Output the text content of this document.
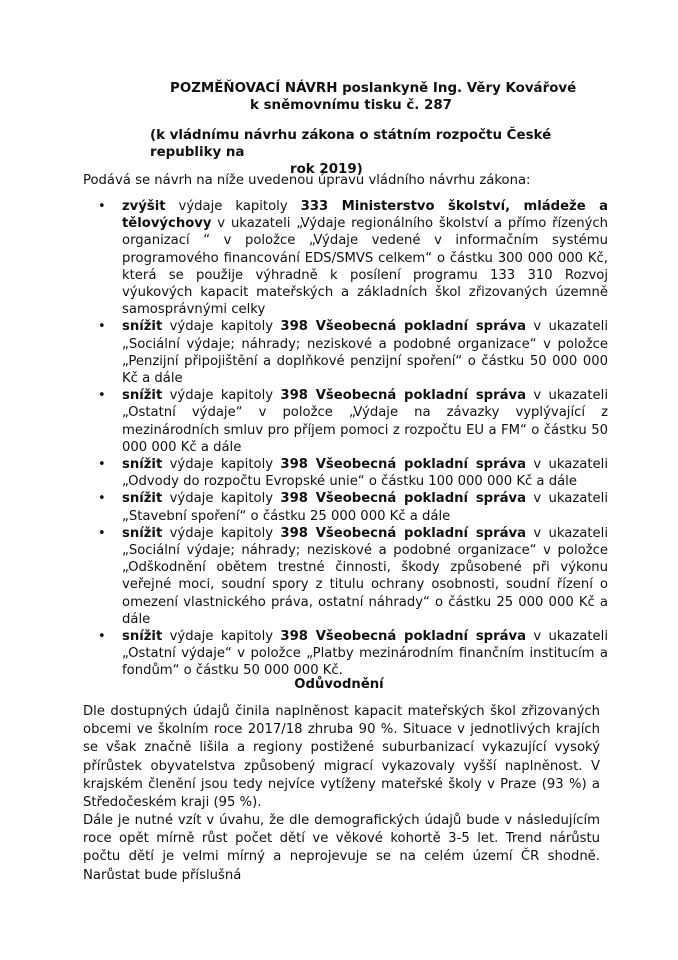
POZMĚŇOVACÍ NÁVRH poslankyně Ing. Věry Kovářové
k sněmovnímu tisku č. 287
(k vládnímu návrhu zákona o státním rozpočtu České republiky na
rok 2019)
Podává se návrh na níže uvedenou úpravu vládního návrhu zákona:
• zvýšit výdaje kapitoly 333 Ministerstvo školství, mládeže a tělovýchovy v ukazateli „Výdaje regionálního školství a přímo řízených organizací “ v položce „Výdaje vedené v informačním systému programového financování EDS/SMVS celkem“ o částku 300 000 000 Kč, která se použije výhradně k posílení programu 133 310 Rozvoj výukových kapacit mateřských a základních škol zřizovaných územně samosprávnými celky
• snížit výdaje kapitoly 398 Všeobecná pokladní správa v ukazateli „Sociální výdaje; náhrady; neziskové a podobné organizace“ v položce „Penzijní připojištění a doplňkové penzijní spoření“ o částku 50 000 000 Kč a dále
• snížit výdaje kapitoly 398 Všeobecná pokladní správa v ukazateli „Ostatní výdaje“ v položce „Výdaje na závazky vyplývající z mezinárodních smluv pro příjem pomoci z rozpočtu EU a FM“ o částku 50 000 000 Kč a dále
• snížit výdaje kapitoly 398 Všeobecná pokladní správa v ukazateli „Odvody do rozpočtu Evropské unie“ o částku 100 000 000 Kč a dále
• snížit výdaje kapitoly 398 Všeobecná pokladní správa v ukazateli „Stavební spoření“ o částku 25 000 000 Kč a dále
• snížit výdaje kapitoly 398 Všeobecná pokladní správa v ukazateli „Sociální výdaje; náhrady; neziskové a podobné organizace“ v položce „Odškodnění obětem trestné činnosti, škody způsobené při výkonu veřejné moci, soudní spory z titulu ochrany osobnosti, soudní řízení o omezení vlastnického práva, ostatní náhrady“ o částku 25 000 000 Kč a dále
• snížit výdaje kapitoly 398 Všeobecná pokladní správa v ukazateli „Ostatní výdaje“ v položce „Platby mezinárodním finančním institucím a fondům“ o částku 50 000 000 Kč.
Odůvodnění
Dle dostupných údajů činila naplněnost kapacit mateřských škol zřizovaných obcemi ve školním roce 2017/18 zhruba 90 %. Situace v jednotlivých krajích se však značně lišila a regiony postižené suburbanizací vykazující vysoký přírůstek obyvatelstva způsobený migrací vykazovaly vyšší naplněnost. V krajském členění jsou tedy nejvíce vytíženy mateřské školy v Praze (93 %) a Středočeském kraji (95 %).
Dále je nutné vzít v úvahu, že dle demografických údajů bude v následujícím roce opět mírně růst počet dětí ve věkové kohortě 3-5 let. Trend nárůstu počtu dětí je velmi mírný a neprojevuje se na celém území ČR shodně. Narůstat bude příslušná
